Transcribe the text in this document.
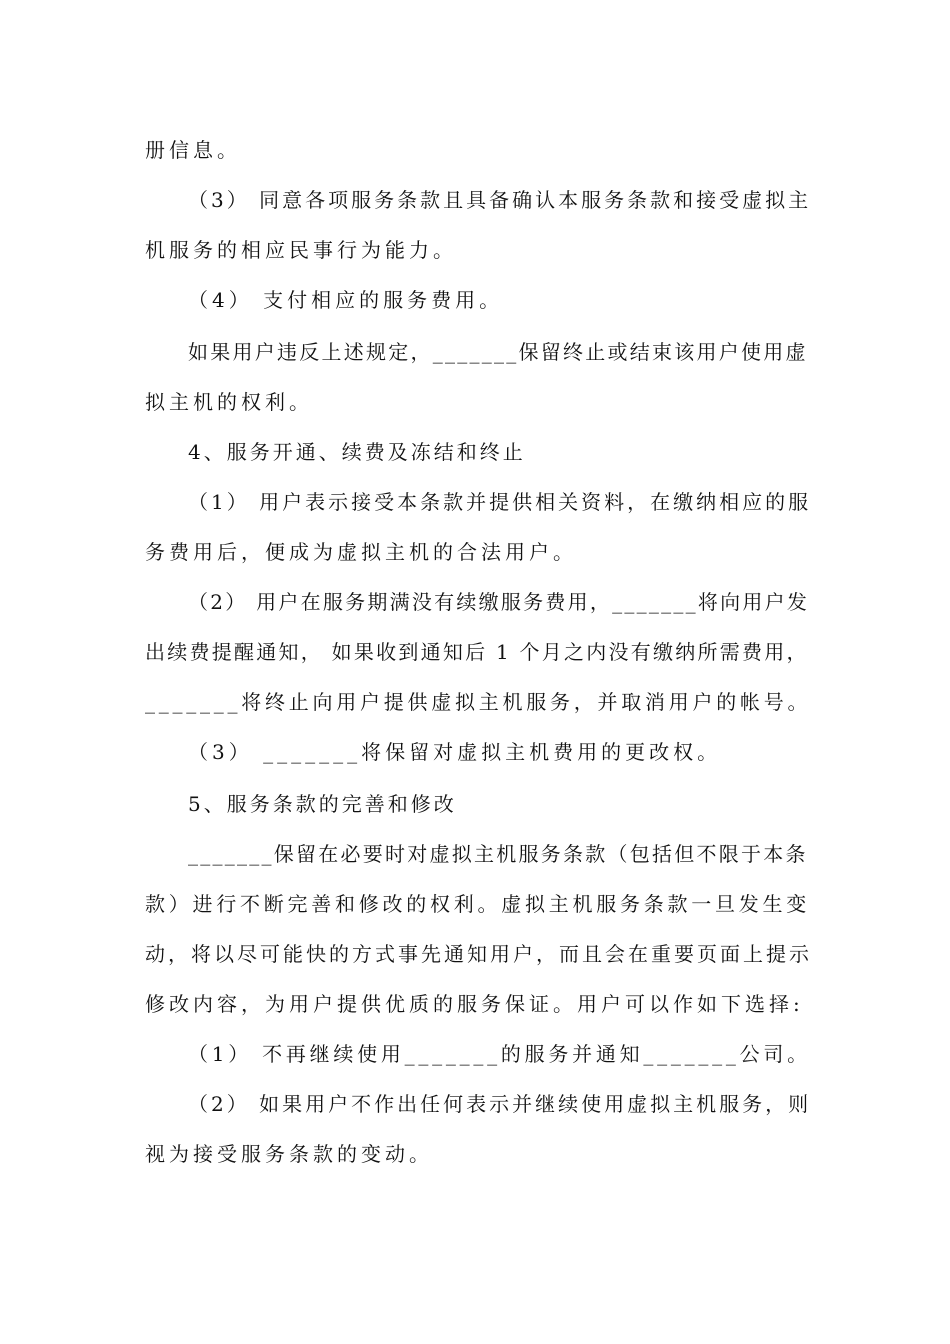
册信息。
（3） 同意各项服务条款且具备确认本服务条款和接受虚拟主
机服务的相应民事行为能力。
（4） 支付相应的服务费用。
如果用户违反上述规定，_______保留终止或结束该用户使用虚
拟主机的权利。
4、服务开通、续费及冻结和终止
（1） 用户表示接受本条款并提供相关资料，在缴纳相应的服
务费用后，便成为虚拟主机的合法用户。
（2） 用户在服务期满没有续缴服务费用，_______将向用户发
出续费提醒通知， 如果收到通知后 1 个月之内没有缴纳所需费用，
_______将终止向用户提供虚拟主机服务，并取消用户的帐号。
（3） _______将保留对虚拟主机费用的更改权。
5、服务条款的完善和修改
_______保留在必要时对虚拟主机服务条款（包括但不限于本条
款）进行不断完善和修改的权利。虚拟主机服务条款一旦发生变
动，将以尽可能快的方式事先通知用户，而且会在重要页面上提示
修改内容，为用户提供优质的服务保证。用户可以作如下选择:
（1） 不再继续使用_______的服务并通知_______公司。
（2） 如果用户不作出任何表示并继续使用虚拟主机服务，则
视为接受服务条款的变动。
